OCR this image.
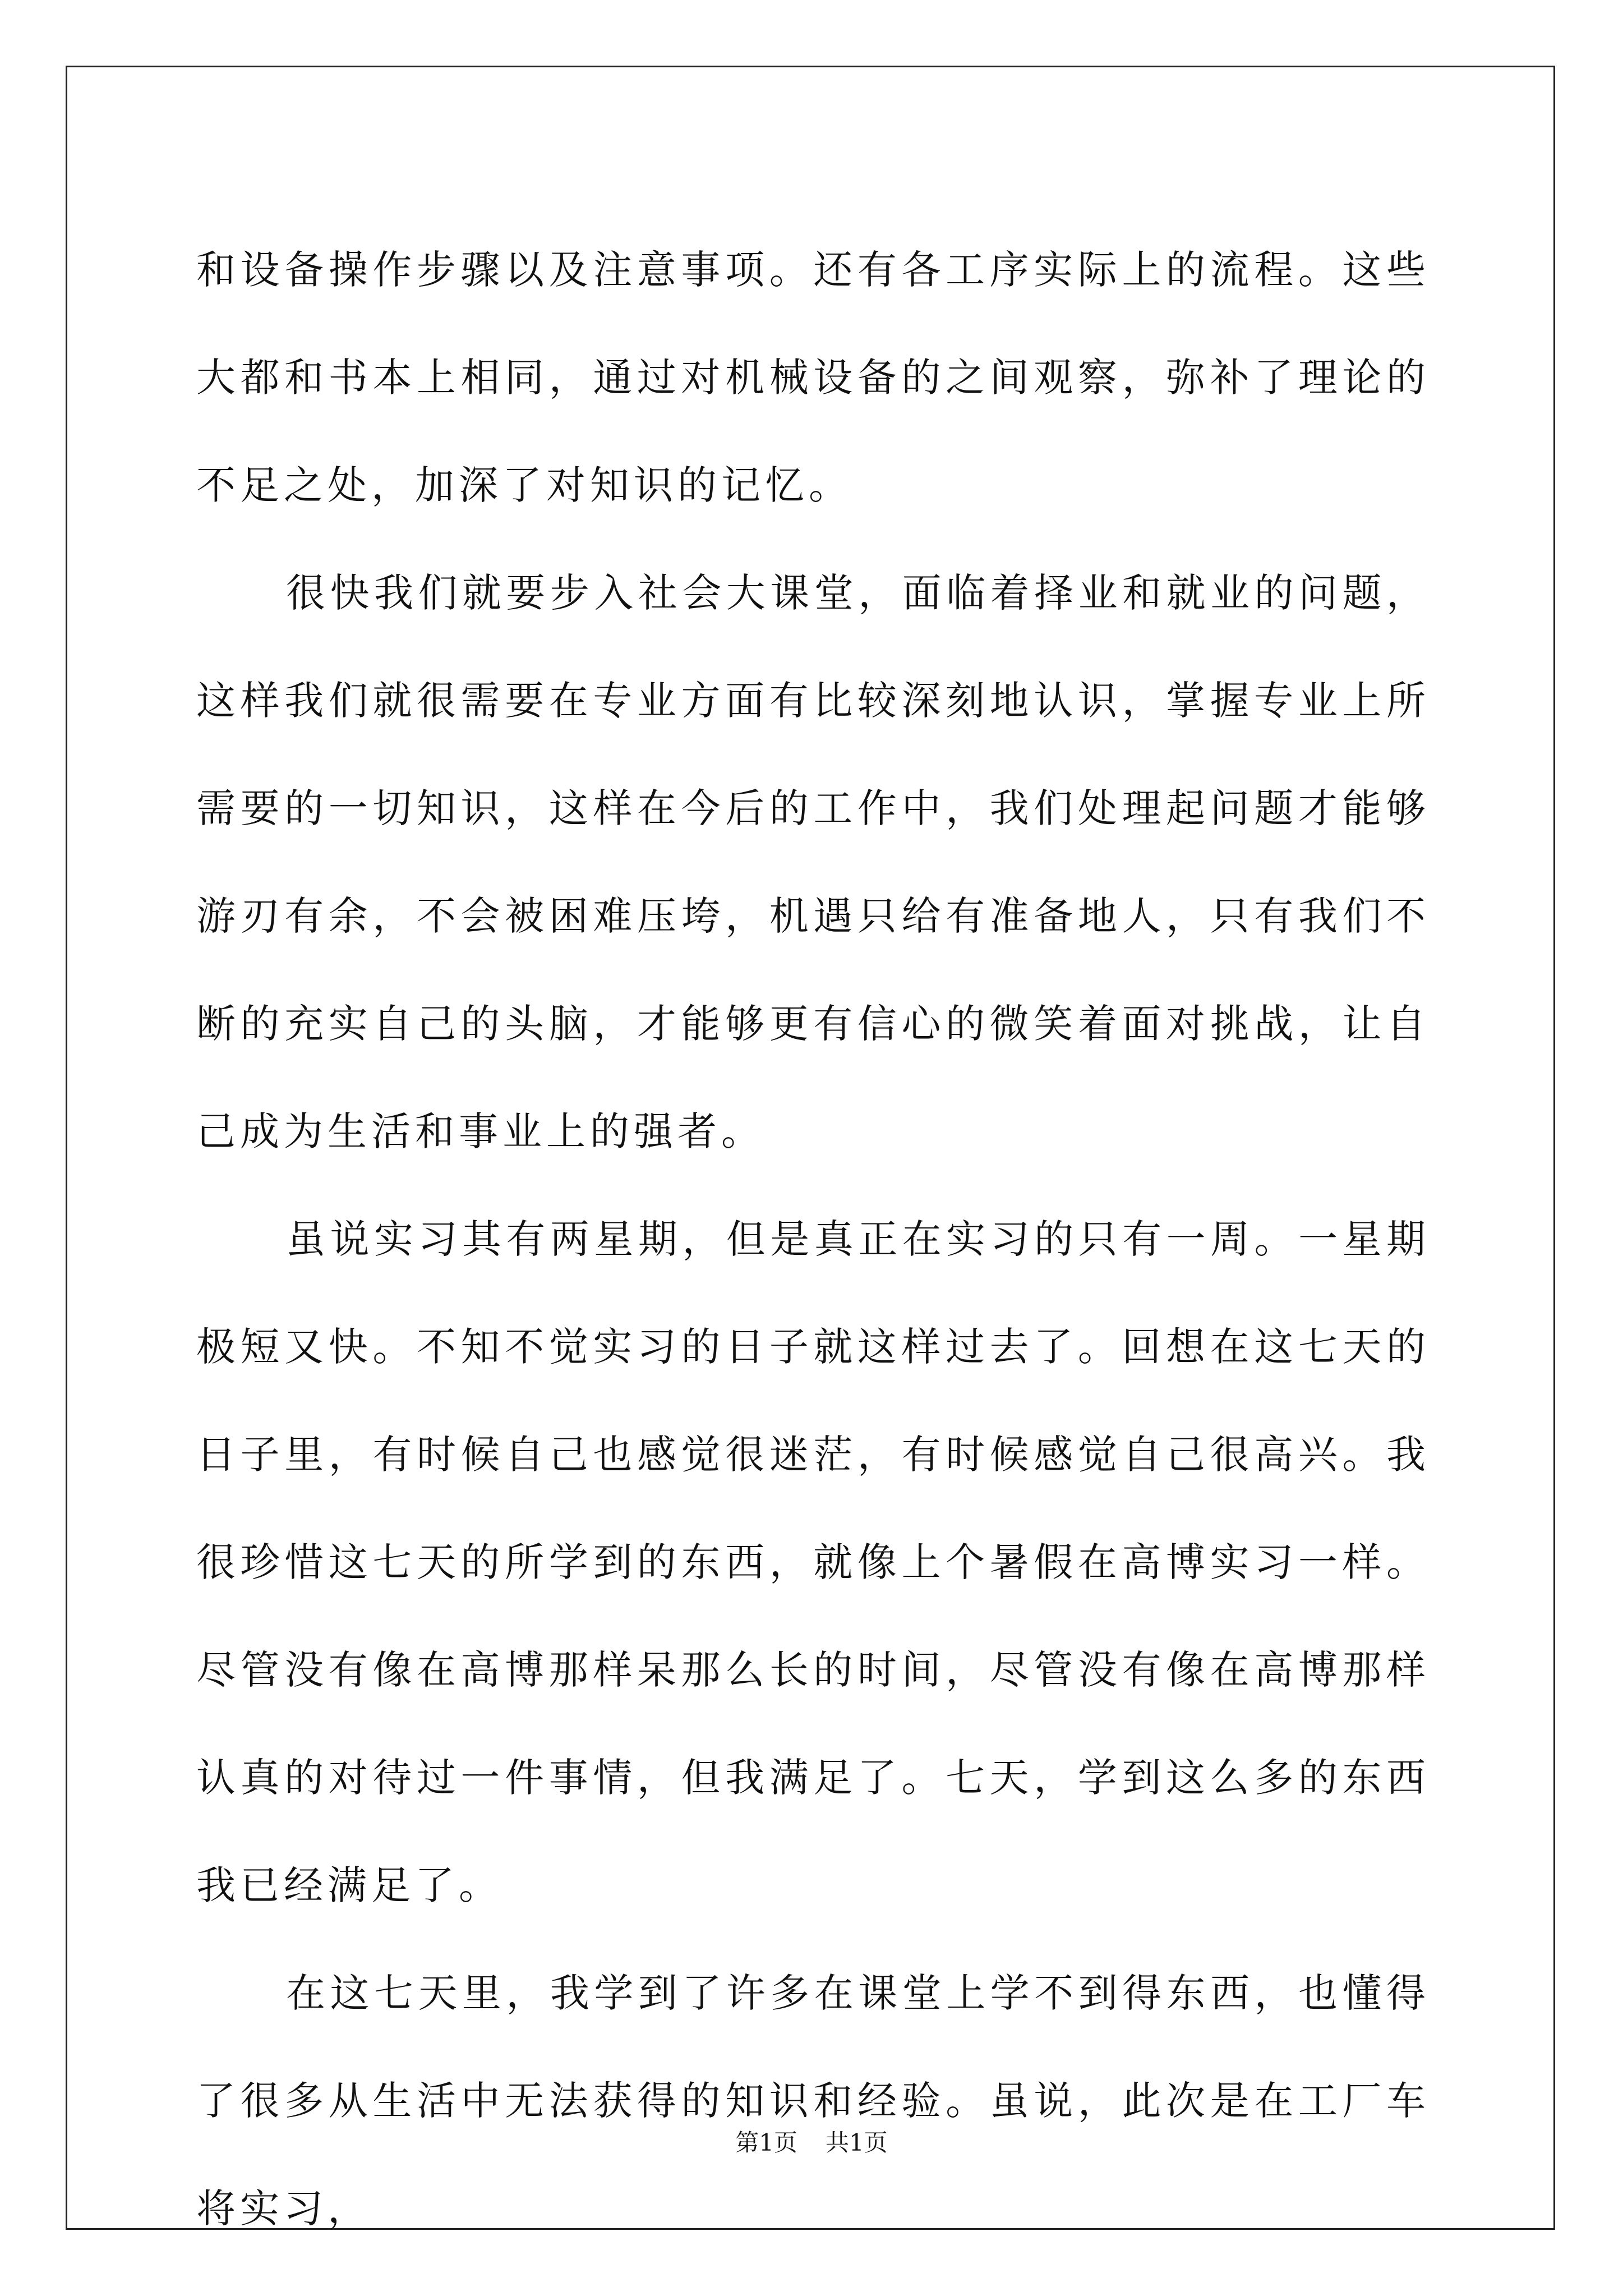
和设备操作步骤以及注意事项。还有各工序实际上的流程。这些大都和书本上相同，通过对机械设备的之间观察，弥补了理论的不足之处，加深了对知识的记忆。

很快我们就要步入社会大课堂，面临着择业和就业的问题，这样我们就很需要在专业方面有比较深刻地认识，掌握专业上所需要的一切知识，这样在今后的工作中，我们处理起问题才能够游刃有余，不会被困难压垮，机遇只给有准备地人，只有我们不断的充实自己的头脑，才能够更有信心的微笑着面对挑战，让自己成为生活和事业上的强者。

虽说实习其有两星期，但是真正在实习的只有一周。一星期极短又快。不知不觉实习的日子就这样过去了。回想在这七天的日子里，有时候自己也感觉很迷茫，有时候感觉自己很高兴。我很珍惜这七天的所学到的东西，就像上个暑假在高博实习一样。尽管没有像在高博那样呆那么长的时间，尽管没有像在高博那样认真的对待过一件事情，但我满足了。七天，学到这么多的东西我已经满足了。

在这七天里，我学到了许多在课堂上学不到得东西，也懂得了很多从生活中无法获得的知识和经验。虽说，此次是在工厂车将实习，

第1页 共1页
